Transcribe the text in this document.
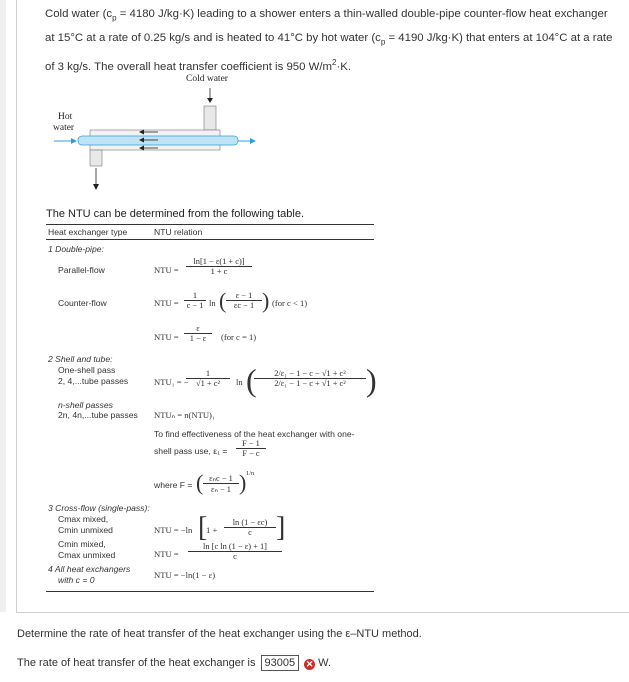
Cold water ($c_p = 4180$ J/kg·K) leading to a shower enters a thin-walled double-pipe counter-flow heat exchanger at 15°C at a rate of 0.25 kg/s and is heated to 41°C by hot water ($c_p = 4190$ J/kg·K) that enters at 104°C at a rate of 3 kg/s. The overall heat transfer coefficient is 950 $W/m^2\cdot K$.
Cold water
Hot
water
The NTU can be determined from the following table.
Heat exchanger type	NTU relation
1 Double-pipe:
Parallel-flow	NTU = $\frac{\ln[1 - \varepsilon(1 + c)]}{1 + c}$
Counter-flow	NTU = $\frac{1}{c - 1}$ ln ( $\frac{\varepsilon - 1}{\varepsilon c - 1}$ ) (for c < 1)
NTU = $\frac{\varepsilon}{1 - \varepsilon} (for$ c = 1)
2 Shell and tube:
One-shell pass
2, 4,...tube passes	NTU₁ = −
$\frac{1}{\text{√1 + c²}}$ ln (
$\frac{\text{2/ε₁ − 1 − c − √1 + c²}}{\text{2/ε₁ − 1 − c + √1 + c²}}$ )
n-shell passes
2n, 4n,...tube passes NTUₙ = n(NTU)₁
To find effectiveness of the heat exchanger with one-
shell pass use, $\varepsilon_1 = \frac{F - 1}{F - c}$
where F = ( εₙc − 1
εₙ − 1 ) 1/n
3 Cross-flow (single-pass):
Cmax mixed,
Cmin unmixed	NTU = −ln [
$1 + \frac{\ln (1 - \varepsilon c)}{c}$ ]
Cmin mixed,
Cmax unmixed	NTU = $\frac{\text{ln [c ln (1 − ε) + 1]}}{c}$
4 All heat exchangers
with c = 0	NTU = −ln(1 − ε)
Determine the rate of heat transfer of the heat exchanger using the ε–NTU method.
The rate of heat transfer of the heat exchanger is 93005 ✕ W.
